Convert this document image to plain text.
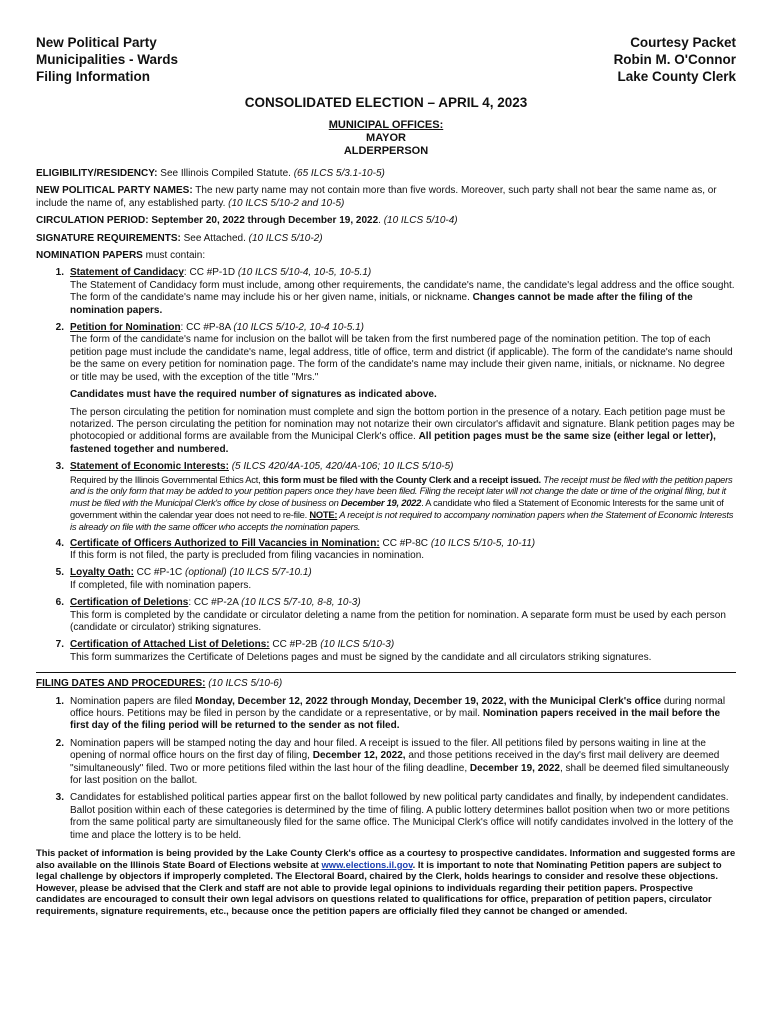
New Political Party
Municipalities - Wards
Filing Information
Courtesy Packet
Robin M. O'Connor
Lake County Clerk
CONSOLIDATED ELECTION – APRIL 4, 2023
MUNICIPAL OFFICES:
MAYOR
ALDERPERSON

ELIGIBILITY/RESIDENCY: See Illinois Compiled Statute. (65 ILCS 5/3.1-10-5)

NEW POLITICAL PARTY NAMES: The new party name may not contain more than five words. Moreover, such party shall not bear the same name as, or include the name of, any established party. (10 ILCS 5/10-2 and 10-5)

CIRCULATION PERIOD: September 20, 2022 through December 19, 2022. (10 ILCS 5/10-4)

SIGNATURE REQUIREMENTS: See Attached. (10 ILCS 5/10-2)

NOMINATION PAPERS must contain:

1. Statement of Candidacy: CC #P-1D (10 ILCS 5/10-4, 10-5, 10-5.1)
The Statement of Candidacy form must include, among other requirements, the candidate's name, the candidate's legal address and the office sought. The form of the candidate's name may include his or her given name, initials, or nickname. Changes cannot be made after the filing of the nomination papers.
2. Petition for Nomination: CC #P-8A (10 ILCS 5/10-2, 10-4 10-5.1)

The form of the candidate's name for inclusion on the ballot will be taken from the first numbered page of the nomination petition. The top of each petition page must include the candidate's name, legal address, title of office, term and district (if applicable). The form of the candidate's name should be the same on every petition for nomination page. The form of the candidate's name may include their given name, initials, or nickname. No degree or title may be used, with the exception of the title "Mrs."

Candidates must have the required number of signatures as indicated above.

The person circulating the petition for nomination must complete and sign the bottom portion in the presence of a notary. Each petition page must be notarized. The person circulating the petition for nomination may not notarize their own circulator's affidavit and signature. Blank petition pages may be photocopied or additional forms are available from the Municipal Clerk's office. All petition pages must be the same size (either legal or letter), fastened together and numbered.

3. Statement of Economic Interests: (5 ILCS 420/4A-105, 420/4A-106; 10 ILCS 5/10-5)
Required by the Illinois Governmental Ethics Act, this form must be filed with the County Clerk and a receipt issued. The receipt must be filed with the petition papers and is the only form that may be added to your petition papers once they have been filed. Filing the receipt later will not change the date or time of the original filing, but it must be filed with the Municipal Clerk's office by close of business on December 19, 2022. A candidate who filed a Statement of Economic Interests for the same unit of government within the calendar year does not need to re-file. NOTE: A receipt is not required to accompany nomination papers when the Statement of Economic Interests is already on file with the same officer who accepts the nomination papers.
4. Certificate of Officers Authorized to Fill Vacancies in Nomination: CC #P-8C (10 ILCS 5/10-5, 10-11)
If this form is not filed, the party is precluded from filing vacancies in nomination.
5. Loyalty Oath: CC #P-1C (optional) (10 ILCS 5/7-10.1)
If completed, file with nomination papers.
6. Certification of Deletions: CC #P-2A (10 ILCS 5/7-10, 8-8, 10-3)
This form is completed by the candidate or circulator deleting a name from the petition for nomination. A separate form must be used by each person (candidate or circulator) striking signatures.
7. Certification of Attached List of Deletions: CC #P-2B (10 ILCS 5/10-3)
This form summarizes the Certificate of Deletions pages and must be signed by the candidate and all circulators striking signatures.

FILING DATES AND PROCEDURES: (10 ILCS 5/10-6)

1. Nomination papers are filed Monday, December 12, 2022 through Monday, December 19, 2022, with the Municipal Clerk's office during normal office hours. Petitions may be filed in person by the candidate or a representative, or by mail. Nomination papers received in the mail before the first day of the filing period will be returned to the sender as not filed.
2. Nomination papers will be stamped noting the day and hour filed. A receipt is issued to the filer. All petitions filed by persons waiting in line at the opening of normal office hours on the first day of filing, December 12, 2022, and those petitions received in the day's first mail delivery are deemed "simultaneously" filed. Two or more petitions filed within the last hour of the filing deadline, December 19, 2022, shall be deemed filed simultaneously for last position on the ballot.
3. Candidates for established political parties appear first on the ballot followed by new political party candidates and finally, by independent candidates. Ballot position within each of these categories is determined by the time of filing. A public lottery determines ballot position when two or more petitions from the same political party are simultaneously filed for the same office. The Municipal Clerk's office will notify candidates involved in the lottery of the time and place the lottery is to be held.
This packet of information is being provided by the Lake County Clerk's office as a courtesy to prospective candidates. Information and suggested forms are also available on the Illinois State Board of Elections website at www.elections.il.gov. It is important to note that Nominating Petition papers are subject to legal challenge by objectors if improperly completed. The Electoral Board, chaired by the Clerk, holds hearings to consider and resolve these objections. However, please be advised that the Clerk and staff are not able to provide legal opinions to individuals regarding their petition papers. Prospective candidates are encouraged to consult their own legal advisors on questions related to qualifications for office, preparation of petition papers, circulator requirements, signature requirements, etc., because once the petition papers are officially filed they cannot be changed or amended.
